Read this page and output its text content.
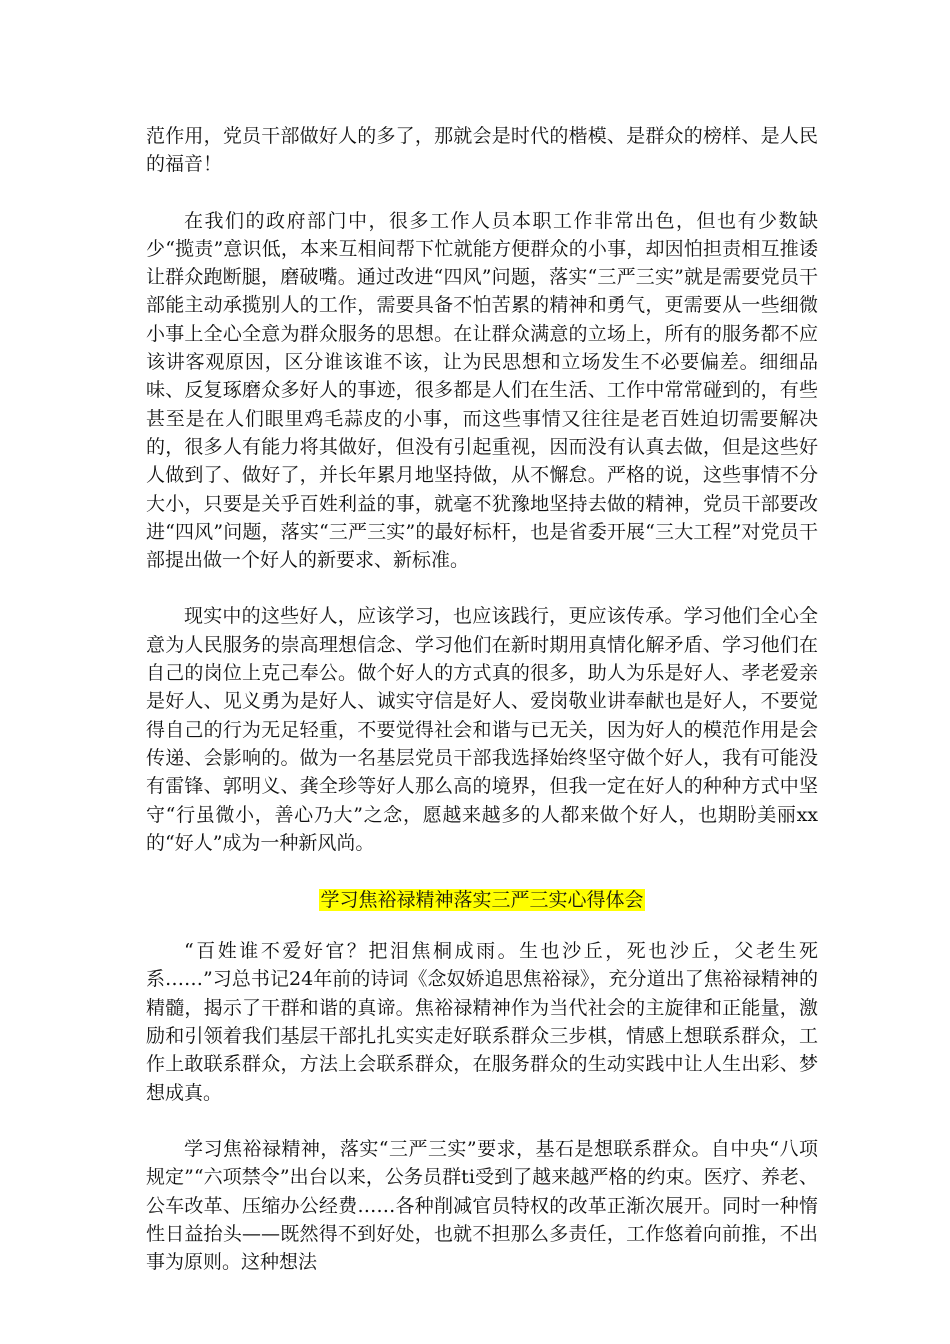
范作用，党员干部做好人的多了，那就会是时代的楷模、是群众的榜样、是人民的福音！

在我们的政府部门中，很多工作人员本职工作非常出色，但也有少数缺少“揽责”意识低，本来互相间帮下忙就能方便群众的小事，却因怕担责相互推诿让群众跑断腿，磨破嘴。通过改进“四风”问题，落实“三严三实”就是需要党员干部能主动承揽别人的工作，需要具备不怕苦累的精神和勇气，更需要从一些细微小事上全心全意为群众服务的思想。在让群众满意的立场上，所有的服务都不应该讲客观原因，区分谁该谁不该，让为民思想和立场发生不必要偏差。细细品味、反复琢磨众多好人的事迹，很多都是人们在生活、工作中常常碰到的，有些甚至是在人们眼里鸡毛蒜皮的小事，而这些事情又往往是老百姓迫切需要解决的，很多人有能力将其做好，但没有引起重视，因而没有认真去做，但是这些好人做到了、做好了，并长年累月地坚持做，从不懈怠。严格的说，这些事情不分大小，只要是关乎百姓利益的事，就毫不犹豫地坚持去做的精神，党员干部要改进“四风”问题，落实“三严三实”的最好标杆，也是省委开展“三大工程”对党员干部提出做一个好人的新要求、新标准。

现实中的这些好人，应该学习，也应该践行，更应该传承。学习他们全心全意为人民服务的崇高理想信念、学习他们在新时期用真情化解矛盾、学习他们在自己的岗位上克己奉公。做个好人的方式真的很多，助人为乐是好人、孝老爱亲是好人、见义勇为是好人、诚实守信是好人、爱岗敬业讲奉献也是好人，不要觉得自己的行为无足轻重，不要觉得社会和谐与已无关，因为好人的模范作用是会传递、会影响的。做为一名基层党员干部我选择始终坚守做个好人，我有可能没有雷锋、郭明义、龚全珍等好人那么高的境界，但我一定在好人的种种方式中坚守“行虽微小，善心乃大”之念，愿越来越多的人都来做个好人，也期盼美丽xx的“好人”成为一种新风尚。

学习焦裕禄精神落实三严三实心得体会

“百姓谁不爱好官？把泪焦桐成雨。生也沙丘，死也沙丘，父老生死系……”习总书记24年前的诗词《念奴娇追思焦裕禄》，充分道出了焦裕禄精神的精髓，揭示了干群和谐的真谛。焦裕禄精神作为当代社会的主旋律和正能量，激励和引领着我们基层干部扎扎实实走好联系群众三步棋，情感上想联系群众，工作上敢联系群众，方法上会联系群众，在服务群众的生动实践中让人生出彩、梦想成真。

学习焦裕禄精神，落实“三严三实”要求，基石是想联系群众。自中央“八项规定”“六项禁令”出台以来，公务员群ti受到了越来越严格的约束。医疗、养老、公车改革、压缩办公经费……各种削减官员特权的改革正渐次展开。同时一种惰性日益抬头——既然得不到好处，也就不担那么多责任，工作悠着向前推，不出事为原则。这种想法
